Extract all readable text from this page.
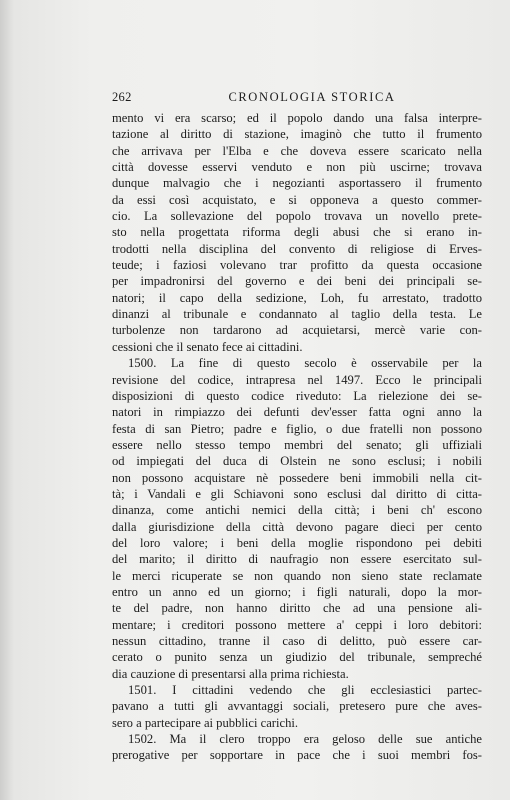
262	CRONOLOGIA STORICA
mento vi era scarso; ed il popolo dando una falsa interpre-
tazione al diritto di stazione, imaginò che tutto il frumento
che arrivava per l'Elba e che doveva essere scaricato nella
città dovesse esservi venduto e non più uscirne; trovava
dunque malvagio che i negozianti asportassero il frumento
da essi così acquistato, e si opponeva a questo commer-
cio. La sollevazione del popolo trovava un novello prete-
sto nella progettata riforma degli abusi che si erano in-
trodotti nella disciplina del convento di religiose di Erves-
teude; i faziosi volevano trar profitto da questa occasione
per impadronirsi del governo e dei beni dei principali se-
natori; il capo della sedizione, Loh, fu arrestato, tradotto
dinanzi al tribunale e condannato al taglio della testa. Le
turbolenze non tardarono ad acquietarsi, mercè varie con-
cessioni che il senato fece ai cittadini.
1500. La fine di questo secolo è osservabile per la
revisione del codice, intrapresa nel 1497. Ecco le principali
disposizioni di questo codice riveduto: La rielezione dei se-
natori in rimpiazzo dei defunti dev'esser fatta ogni anno la
festa di san Pietro; padre e figlio, o due fratelli non possono
essere nello stesso tempo membri del senato; gli uffiziali
od impiegati del duca di Olstein ne sono esclusi; i nobili
non possono acquistare nè possedere beni immobili nella cit-
tà; i Vandali e gli Schiavoni sono esclusi dal diritto di citta-
dinanza, come antichi nemici della città; i beni ch' escono
dalla giurisdizione della città devono pagare dieci per cento
del loro valore; i beni della moglie rispondono pei debiti
del marito; il diritto di naufragio non essere esercitato sul-
le merci ricuperate se non quando non sieno state reclamate
entro un anno ed un giorno; i figli naturali, dopo la mor-
te del padre, non hanno diritto che ad una pensione ali-
mentare; i creditori possono mettere a' ceppi i loro debitori:
nessun cittadino, tranne il caso di delitto, può essere car-
cerato o punito senza un giudizio del tribunale, sempreché
dia cauzione di presentarsi alla prima richiesta.
1501. I cittadini vedendo che gli ecclesiastici partec-
pavano a tutti gli avvantaggi sociali, pretesero pure che aves-
sero a partecipare ai pubblici carichi.
1502. Ma il clero troppo era geloso delle sue antiche
prerogative per sopportare in pace che i suoi membri fos-
